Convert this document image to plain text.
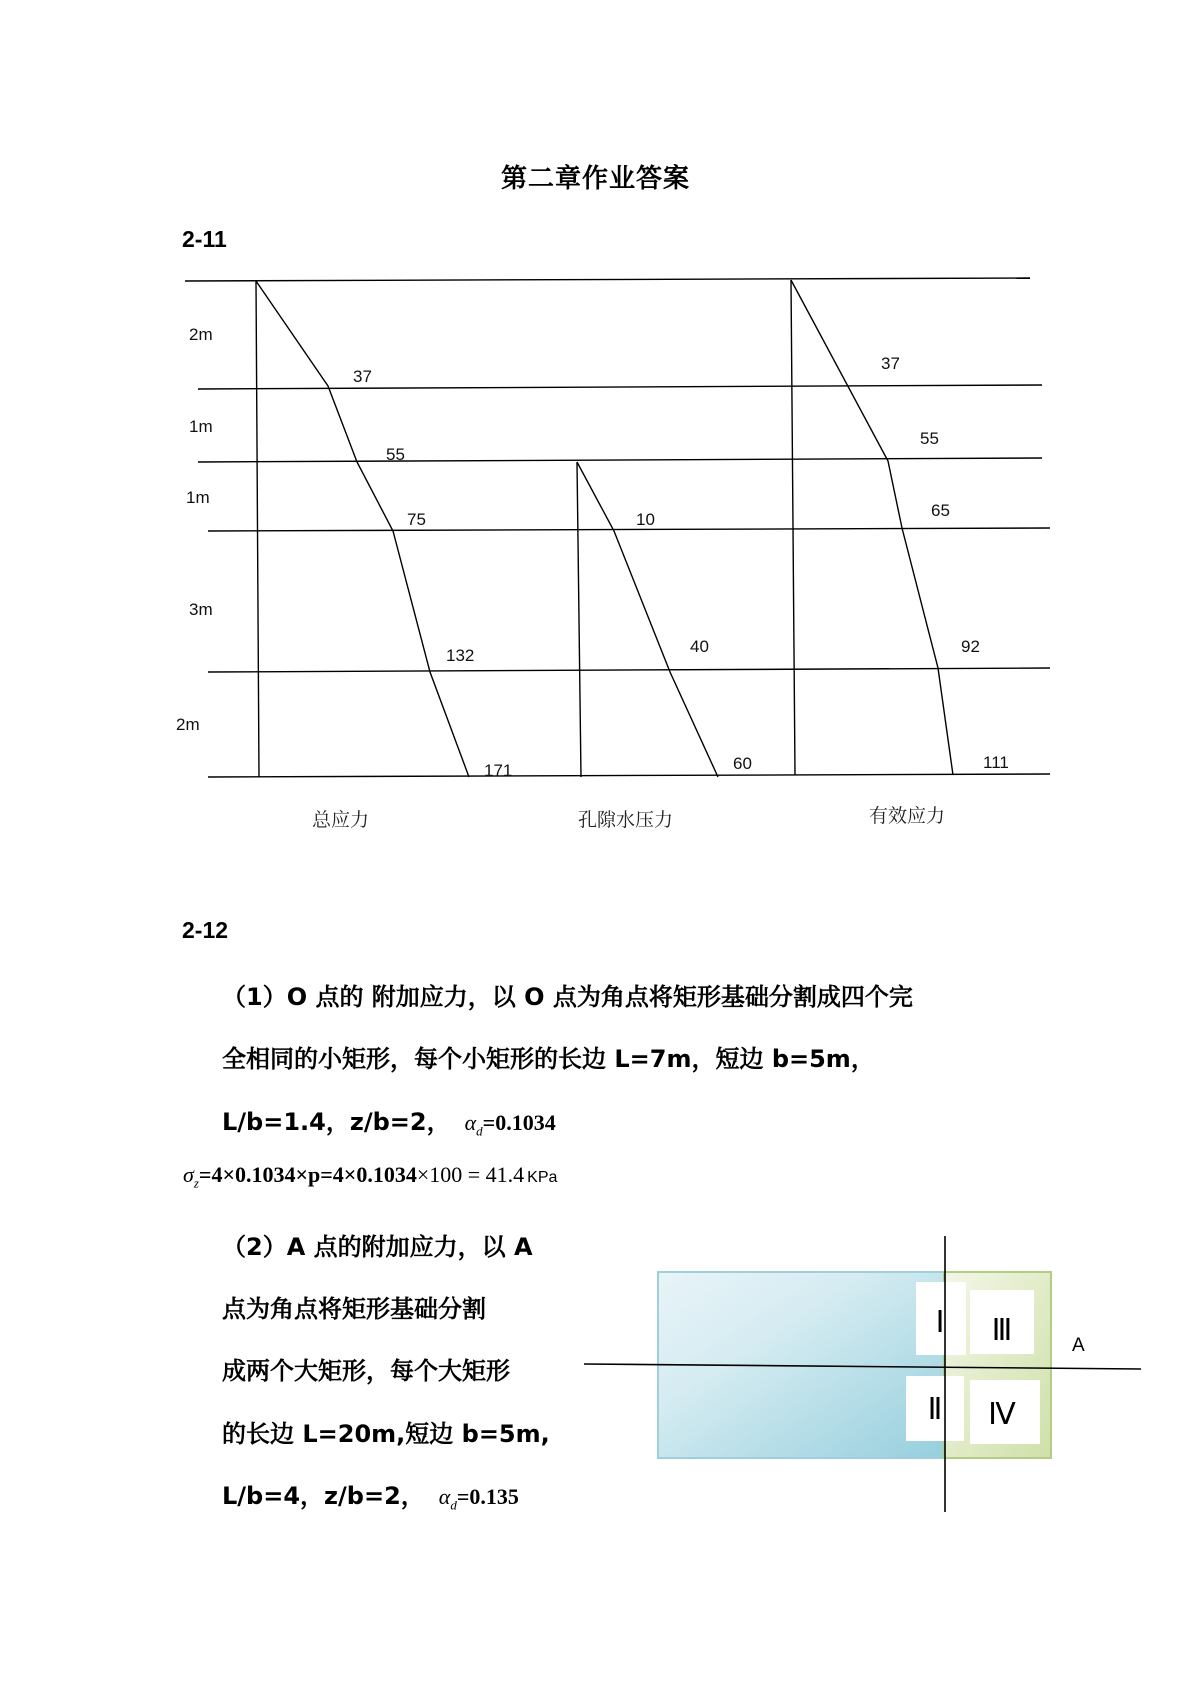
第二章作业答案
2-11
2m
1m
1m
3m
2m
37
55
75
132
171
10
40
60
37
55
65
92
111
总应力	孔隙水压力	有效应力
2-12
（1）O 点的 附加应力，以 O 点为角点将矩形基础分割成四个完
全相同的小矩形，每个小矩形的长边 L=7m，短边 b=5m，
L/b=1.4，z/b=2， $\alpha_d=0.1034$
$\sigma_z=4\times 0.1034\times p=4\times 0.1034\times 100 = 41.4$ KPa
（2）A 点的附加应力，以 A
点为角点将矩形基础分割
成两个大矩形，每个大矩形
的长边 L=20m,短边 b=5m,
L/b=4，z/b=2， $\alpha_d=0.135$
Ⅰ Ⅲ
Ⅱ Ⅳ
A
